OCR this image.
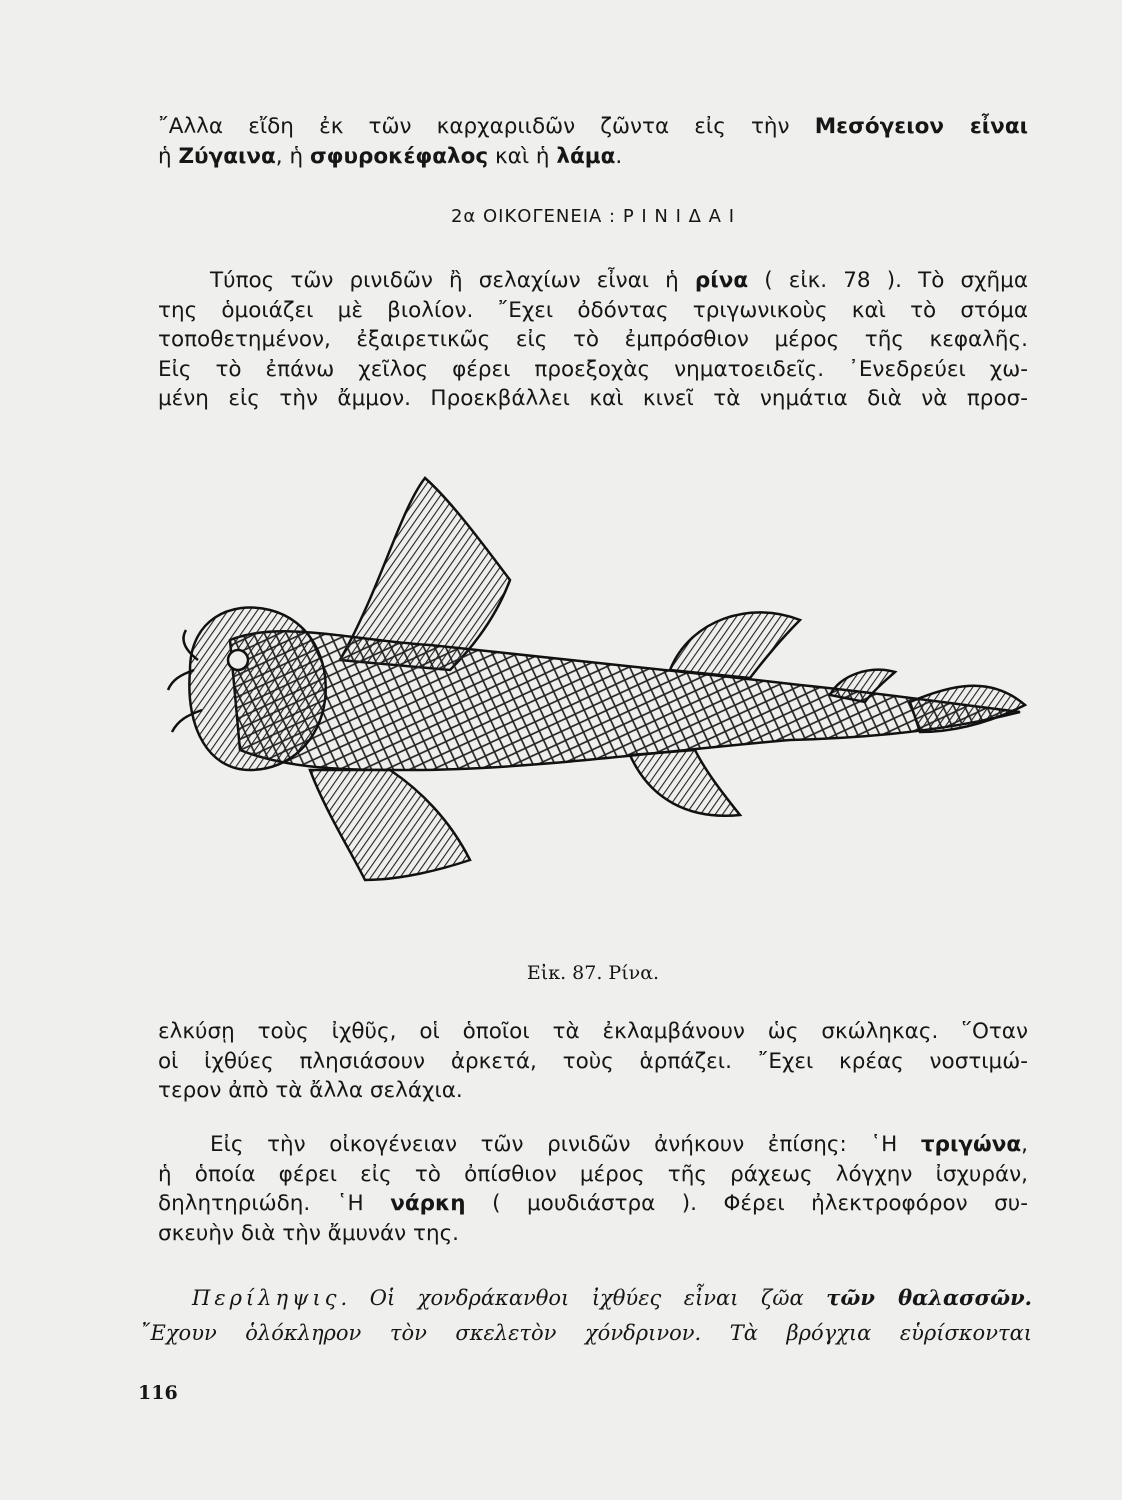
῎Αλλα εἴδη ἐκ τῶν καρχαριιδῶν ζῶντα εἰς τὴν Μεσόγειον εἶναι
ἡ Ζύγαινα, ἡ σφυροκέφαλος καὶ ἡ λάμα.

2α ΟΙΚΟΓΕΝΕΙΑ : Ρ Ι Ν Ι Δ Α Ι

Τύπος τῶν ρινιδῶν ἢ σελαχίων εἶναι ἡ ρίνα ( εἰκ. 78 ). Τὸ σχῆμα
της ὁμοιάζει μὲ βιολίον. ῎Εχει ὀδόντας τριγωνικοὺς καὶ τὸ στόμα
τοποθετημένον, ἐξαιρετικῶς εἰς τὸ ἐμπρόσθιον μέρος τῆς κεφαλῆς.
Εἰς τὸ ἐπάνω χεῖλος φέρει προεξοχὰς νηματοειδεῖς. ᾿Ενεδρεύει χω-
μένη εἰς τὴν ἄμμον. Προεκβάλλει καὶ κινεῖ τὰ νημάτια διὰ νὰ προσ-

Εἰκ. 87. Ρίνα.

ελκύσῃ τοὺς ἰχθῦς, οἱ ὁποῖοι τὰ ἐκλαμβάνουν ὡς σκώληκας. ῞Οταν
οἱ ἰχθύες πλησιάσουν ἀρκετά, τοὺς ἁρπάζει. ῎Εχει κρέας νοστιμώ-
τερον ἀπὸ τὰ ἄλλα σελάχια.

Εἰς τὴν οἰκογένειαν τῶν ρινιδῶν ἀνήκουν ἐπίσης: ῾Η τριγώνα,
ἡ ὁποία φέρει εἰς τὸ ὀπίσθιον μέρος τῆς ράχεως λόγχην ἰσχυράν,
δηλητηριώδη. ῾Η νάρκη ( μουδιάστρα ). Φέρει ἠλεκτροφόρον συ-
σκευὴν διὰ τὴν ἄμυνάν της.

Περίληψις. Οἱ χονδράκανθοι ἰχθύες εἶναι ζῶα τῶν θαλασσῶν.
῎Εχουν ὁλόκληρον τὸν σκελετὸν χόνδρινον. Τὰ βρόγχια εὑρίσκονται

116
